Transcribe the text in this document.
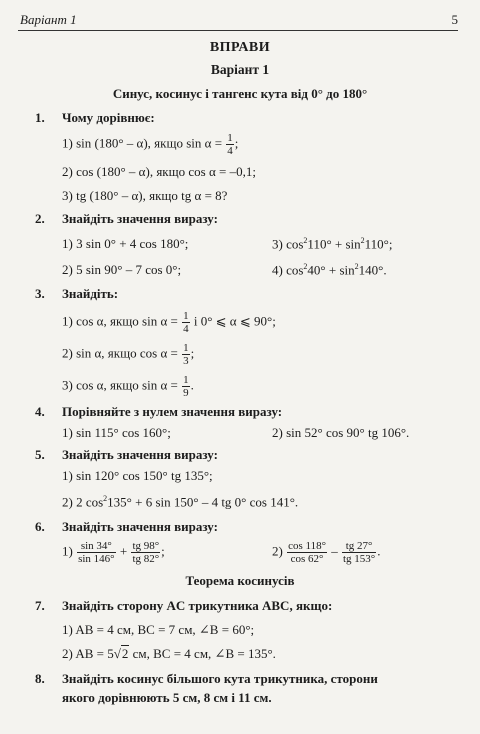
Варіант 1	5
ВПРАВИ
Варіант 1
Синус, косинус і тангенс кута від 0° до 180°
1. Чому дорівнює:
1) sin (180° – α), якщо $\sin \alpha = \frac{1}{4}$ ;
2) cos (180° – α), якщо cos α = –0,1;
3) tg (180° – α), якщо tg α = 8?
2. Знайдіть значення виразу:
1) 3 sin 0° + 4 cos 180°;	3) $\cos^2110^\circ + \sin^2110^\circ$;
2) 5 sin 90° – 7 cos 0°;	4) $\cos^240^\circ + \sin^2140^\circ$.
3. Знайдіть:
1) cos α, якщо $\sin \alpha = \frac{1}{4}$ і 0° ⩽ α ⩽ 90°;
2) sin α, якщо $\cos \alpha = \frac{1}{3}$ ;
3) cos α, якщо $\sin \alpha = \frac{1}{9}$ .
4. Порівняйте з нулем значення виразу:
1) sin 115° cos 160°;	2) sin 52° cos 90° tg 106°.
5. Знайдіть значення виразу:
1) sin 120° cos 150° tg 135°;
2) 2 $\cos^2135^\circ + 6$ sin 150° – 4 tg 0° cos 141°.
6. Знайдіть значення виразу:
$1) \frac{\sin 34^\circ}{\sin 146^\circ} + \frac{tg 98^\circ}{tg 82^\circ}$ ;	$2) \frac{\cos 118^\circ}{\cos 62^\circ} - \frac{tg 27^\circ}{tg 153^\circ}$ .
Теорема косинусів
7. Знайдіть сторону AC трикутника ABC, якщо:
1) AB = 4 см, BC = 7 см, ∠B = 60°;
2) AB = 5√2 см, BC = 4 см, ∠B = 135°.
8. Знайдіть косинус більшого кута трикутника, сторони
якого дорівнюють 5 см, 8 см і 11 см.
